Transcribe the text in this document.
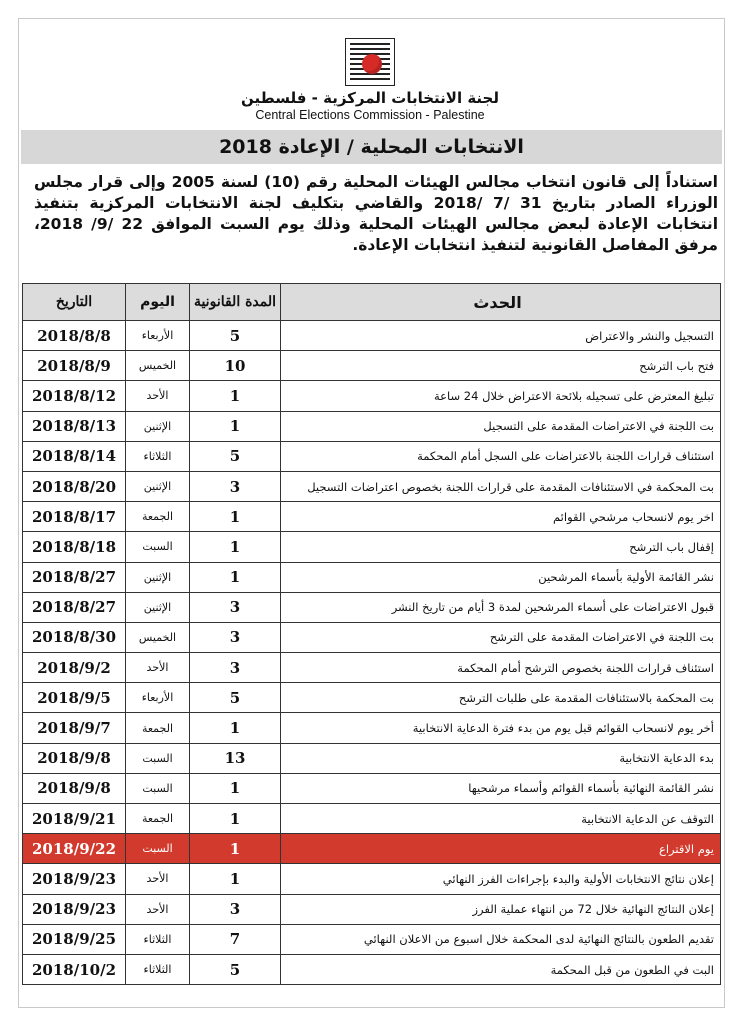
لجنة الانتخابات المركزية - فلسطين
Central Elections Commission - Palestine
الانتخابات المحلية / الإعادة 2018
استناداً إلى قانون انتخاب مجالس الهيئات المحلية رقم (10) لسنة 2005 وإلى قرار مجلس الوزراء الصادر بتاريخ 31 /7 /2018 والقاضي بتكليف لجنة الانتخابات المركزية بتنفيذ انتخابات الإعادة لبعض مجالس الهيئات المحلية وذلك يوم السبت الموافق 22 /9/ 2018، مرفق المفاصل القانونية لتنفيذ انتخابات الإعادة.
التاريخ	اليوم	المدة القانونية	الحدث
2018/8/8	الأربعاء	5	التسجيل والنشر والاعتراض
2018/8/9	الخميس	10	فتح باب الترشح
2018/8/12	الأحد	1	تبليغ المعترض على تسجيله بلائحة الاعتراض خلال 24 ساعة
2018/8/13	الإثنين	1	بت اللجنة في الاعتراضات المقدمة على التسجيل
2018/8/14	الثلاثاء	5	استئناف قرارات اللجنة بالاعتراضات على السجل أمام المحكمة
2018/8/20	الإثنين	3	بت المحكمة في الاستئنافات المقدمة على قرارات اللجنة بخصوص اعتراضات التسجيل
2018/8/17	الجمعة	1	اخر يوم لانسحاب مرشحي القوائم
2018/8/18	السبت	1	إقفال باب الترشح
2018/8/27	الإثنين	1	نشر القائمة الأولية بأسماء المرشحين
2018/8/27	الإثنين	3	قبول الاعتراضات على أسماء المرشحين لمدة 3 أيام من تاريخ النشر
2018/8/30	الخميس	3	بت اللجنة في الاعتراضات المقدمة على الترشح
2018/9/2	الأحد	3	استئناف قرارات اللجنة بخصوص الترشح أمام المحكمة
2018/9/5	الأربعاء	5	بت المحكمة بالاستئنافات المقدمة على طلبات الترشح
2018/9/7	الجمعة	1	أخر يوم لانسحاب القوائم قبل يوم من بدء فترة الدعاية الانتخابية
2018/9/8	السبت	13	بدء الدعاية الانتخابية
2018/9/8	السبت	1	نشر القائمة النهائية بأسماء القوائم وأسماء مرشحيها
2018/9/21	الجمعة	1	التوقف عن الدعاية الانتخابية
2018/9/22	السبت	1	يوم الاقتراع
2018/9/23	الأحد	1	إعلان نتائج الانتخابات الأولية والبدء بإجراءات الفرز النهائي
2018/9/23	الأحد	3	إعلان النتائج النهائية خلال 72 من انتهاء عملية الفرز
2018/9/25	الثلاثاء	7	تقديم الطعون بالنتائج النهائية لدى المحكمة خلال اسبوع من الاعلان النهائي
2018/10/2	الثلاثاء	5	البت في الطعون من قبل المحكمة
